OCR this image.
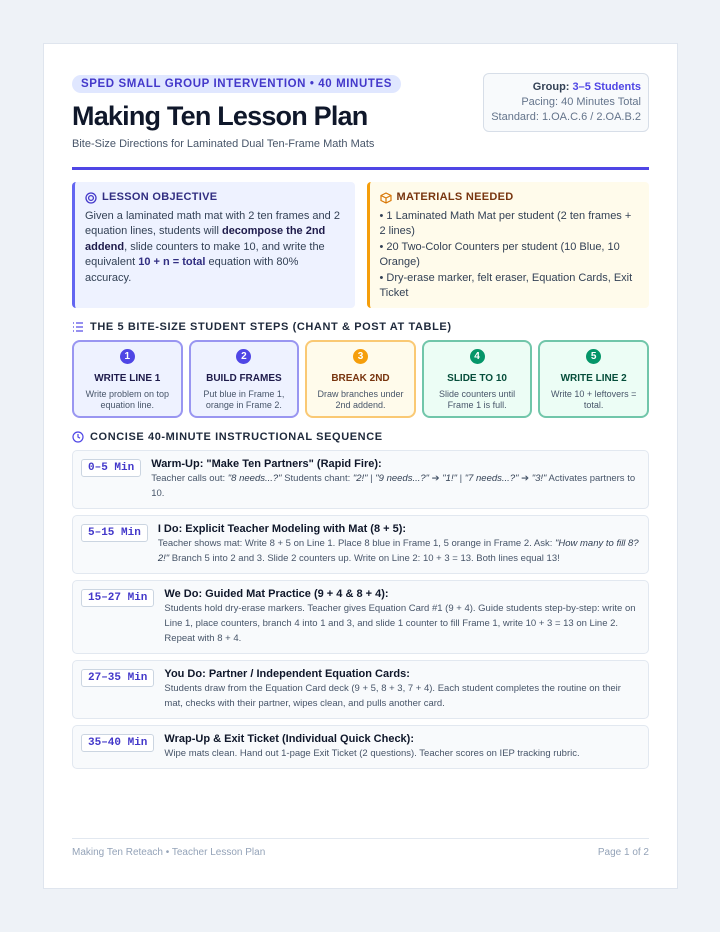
SPED SMALL GROUP INTERVENTION • 40 MINUTES
Making Ten Lesson Plan
Bite-Size Directions for Laminated Dual Ten-Frame Math Mats
Group: 3–5 Students
Pacing: 40 Minutes Total
Standard: 1.OA.C.6 / 2.OA.B.2
LESSON OBJECTIVE
Given a laminated math mat with 2 ten frames and 2 equation lines, students will decompose the 2nd addend, slide counters to make 10, and write the equivalent 10 + n = total equation with 80% accuracy.
MATERIALS NEEDED
• 1 Laminated Math Mat per student (2 ten frames + 2 lines)
• 20 Two-Color Counters per student (10 Blue, 10 Orange)
• Dry-erase marker, felt eraser, Equation Cards, Exit Ticket
THE 5 BITE-SIZE STUDENT STEPS (CHANT & POST AT TABLE)
1
WRITE LINE 1
Write problem on top equation line.
2
BUILD FRAMES
Put blue in Frame 1, orange in Frame 2.
3
BREAK 2ND
Draw branches under 2nd addend.
4
SLIDE TO 10
Slide counters until Frame 1 is full.
5
WRITE LINE 2
Write 10 + leftovers = total.
CONCISE 40-MINUTE INSTRUCTIONAL SEQUENCE
0–5 Min	Warm-Up: "Make Ten Partners" (Rapid Fire):
Teacher calls out: "8 needs...?" Students chant: "2!" | "9 needs...?" ➔ "1!" | "7 needs...?" ➔ "3!" Activates partners to 10.
5–15 Min	I Do: Explicit Teacher Modeling with Mat (8 + 5):
Teacher shows mat: Write 8 + 5 on Line 1. Place 8 blue in Frame 1, 5 orange in Frame 2. Ask: "How many to fill 8? 2!" Branch 5 into 2 and 3. Slide 2 counters up. Write on Line 2: 10 + 3 = 13. Both lines equal 13!
15–27 Min	We Do: Guided Mat Practice (9 + 4 & 8 + 4):
Students hold dry-erase markers. Teacher gives Equation Card #1 (9 + 4). Guide students step-by-step: write on Line 1, place counters, branch 4 into 1 and 3, and slide 1 counter to fill Frame 1, write 10 + 3 = 13 on Line 2. Repeat with 8 + 4.
27–35 Min	You Do: Partner / Independent Equation Cards:
Students draw from the Equation Card deck (9 + 5, 8 + 3, 7 + 4). Each student completes the routine on their mat, checks with their partner, wipes clean, and pulls another card.
35–40 Min	Wrap-Up & Exit Ticket (Individual Quick Check):
Wipe mats clean. Hand out 1-page Exit Ticket (2 questions). Teacher scores on IEP tracking rubric.
Making Ten Reteach • Teacher Lesson Plan	Page 1 of 2
